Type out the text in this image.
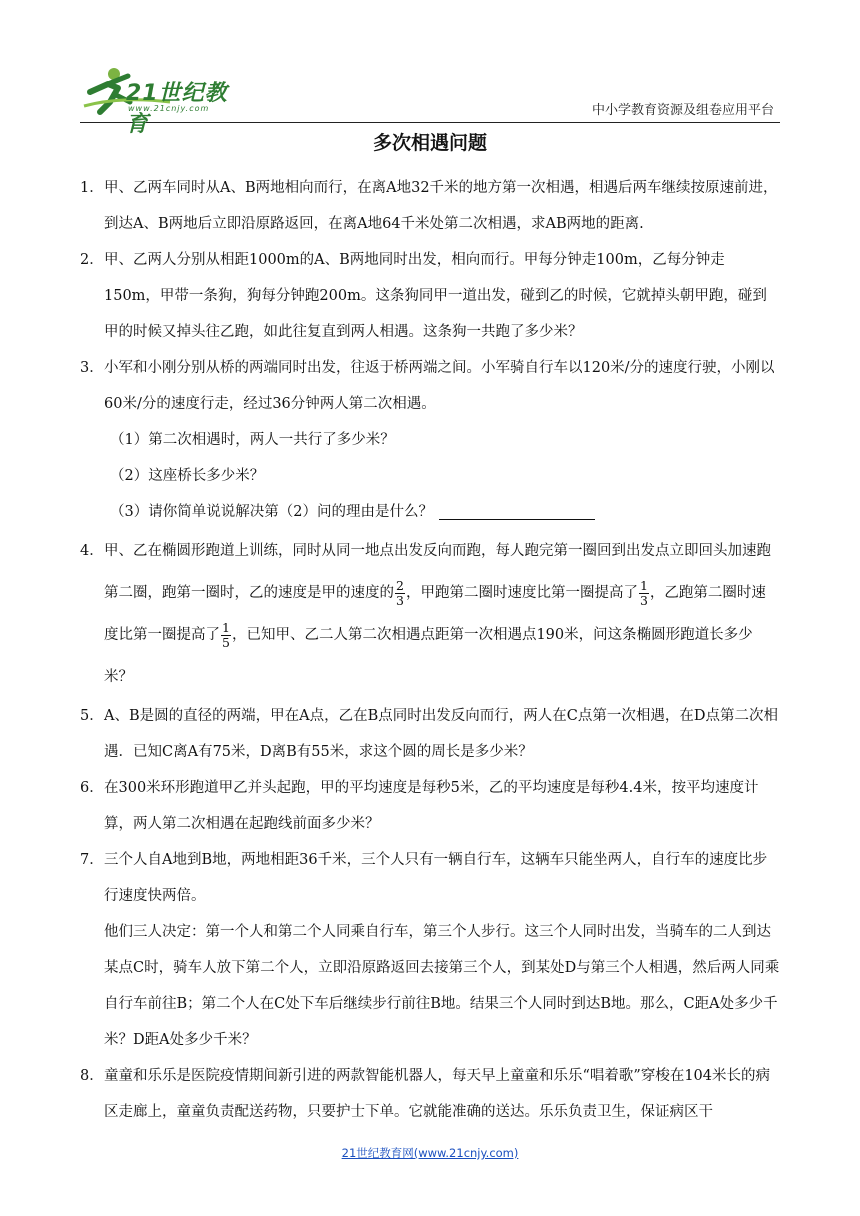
21世纪教育
www.21cnjy.com	中小学教育资源及组卷应用平台
多次相遇问题
1． 甲、乙两车同时从A、B两地相向而行，在离A地32千米的地方第一次相遇，相遇后两车继续按原速前进，到达A、B两地后立即沿原路返回，在离A地64千米处第二次相遇，求AB两地的距离.
2． 甲、乙两人分别从相距1000m的A、B两地同时出发，相向而行。甲每分钟走100m，乙每分钟走150m，甲带一条狗，狗每分钟跑200m。这条狗同甲一道出发，碰到乙的时候，它就掉头朝甲跑，碰到甲的时候又掉头往乙跑，如此往复直到两人相遇。这条狗一共跑了多少米？
3． 小军和小刚分别从桥的两端同时出发，往返于桥两端之间。小军骑自行车以120米/分的速度行驶，小刚以60米/分的速度行走，经过36分钟两人第二次相遇。
（1）第二次相遇时，两人一共行了多少米？
（2）这座桥长多少米？
（3）请你简单说说解决第（2）问的理由是什么？
4． 甲、乙在椭圆形跑道上训练，同时从同一地点出发反向而跑，每人跑完第一圈回到出发点立即回头加速跑第二圈，跑第一圈时，乙的速度是甲的速度的 $\frac{2}{3}$ ，甲跑第二圈时速度比第一圈提高了 $\frac{1}{3}$ ，乙跑第二圈时速度比第一圈提高了 $\frac{1}{5}$ ，已知甲、乙二人第二次相遇点距第一次相遇点190米，问这条椭圆形跑道长多少米？
5． A、B是圆的直径的两端，甲在A点，乙在B点同时出发反向而行，两人在C点第一次相遇，在D点第二次相遇．已知C离A有75米，D离B有55米，求这个圆的周长是多少米？
6． 在300米环形跑道甲乙并头起跑，甲的平均速度是每秒5米，乙的平均速度是每秒4.4米，按平均速度计算，两人第二次相遇在起跑线前面多少米？
7． 三个人自A地到B地，两地相距36千米，三个人只有一辆自行车，这辆车只能坐两人，自行车的速度比步行速度快两倍。
他们三人决定：第一个人和第二个人同乘自行车，第三个人步行。这三个人同时出发，当骑车的二人到达某点C时，骑车人放下第二个人，立即沿原路返回去接第三个人，到某处D与第三个人相遇，然后两人同乘自行车前往B；第二个人在C处下车后继续步行前往B地。结果三个人同时到达B地。那么，C距A处多少千米？D距A处多少千米？
8． 童童和乐乐是医院疫情期间新引进的两款智能机器人，每天早上童童和乐乐“唱着歌”穿梭在104米长的病区走廊上，童童负责配送药物，只要护士下单。它就能准确的送达。乐乐负责卫生，保证病区干
21世纪教育网(www.21cnjy.com)
